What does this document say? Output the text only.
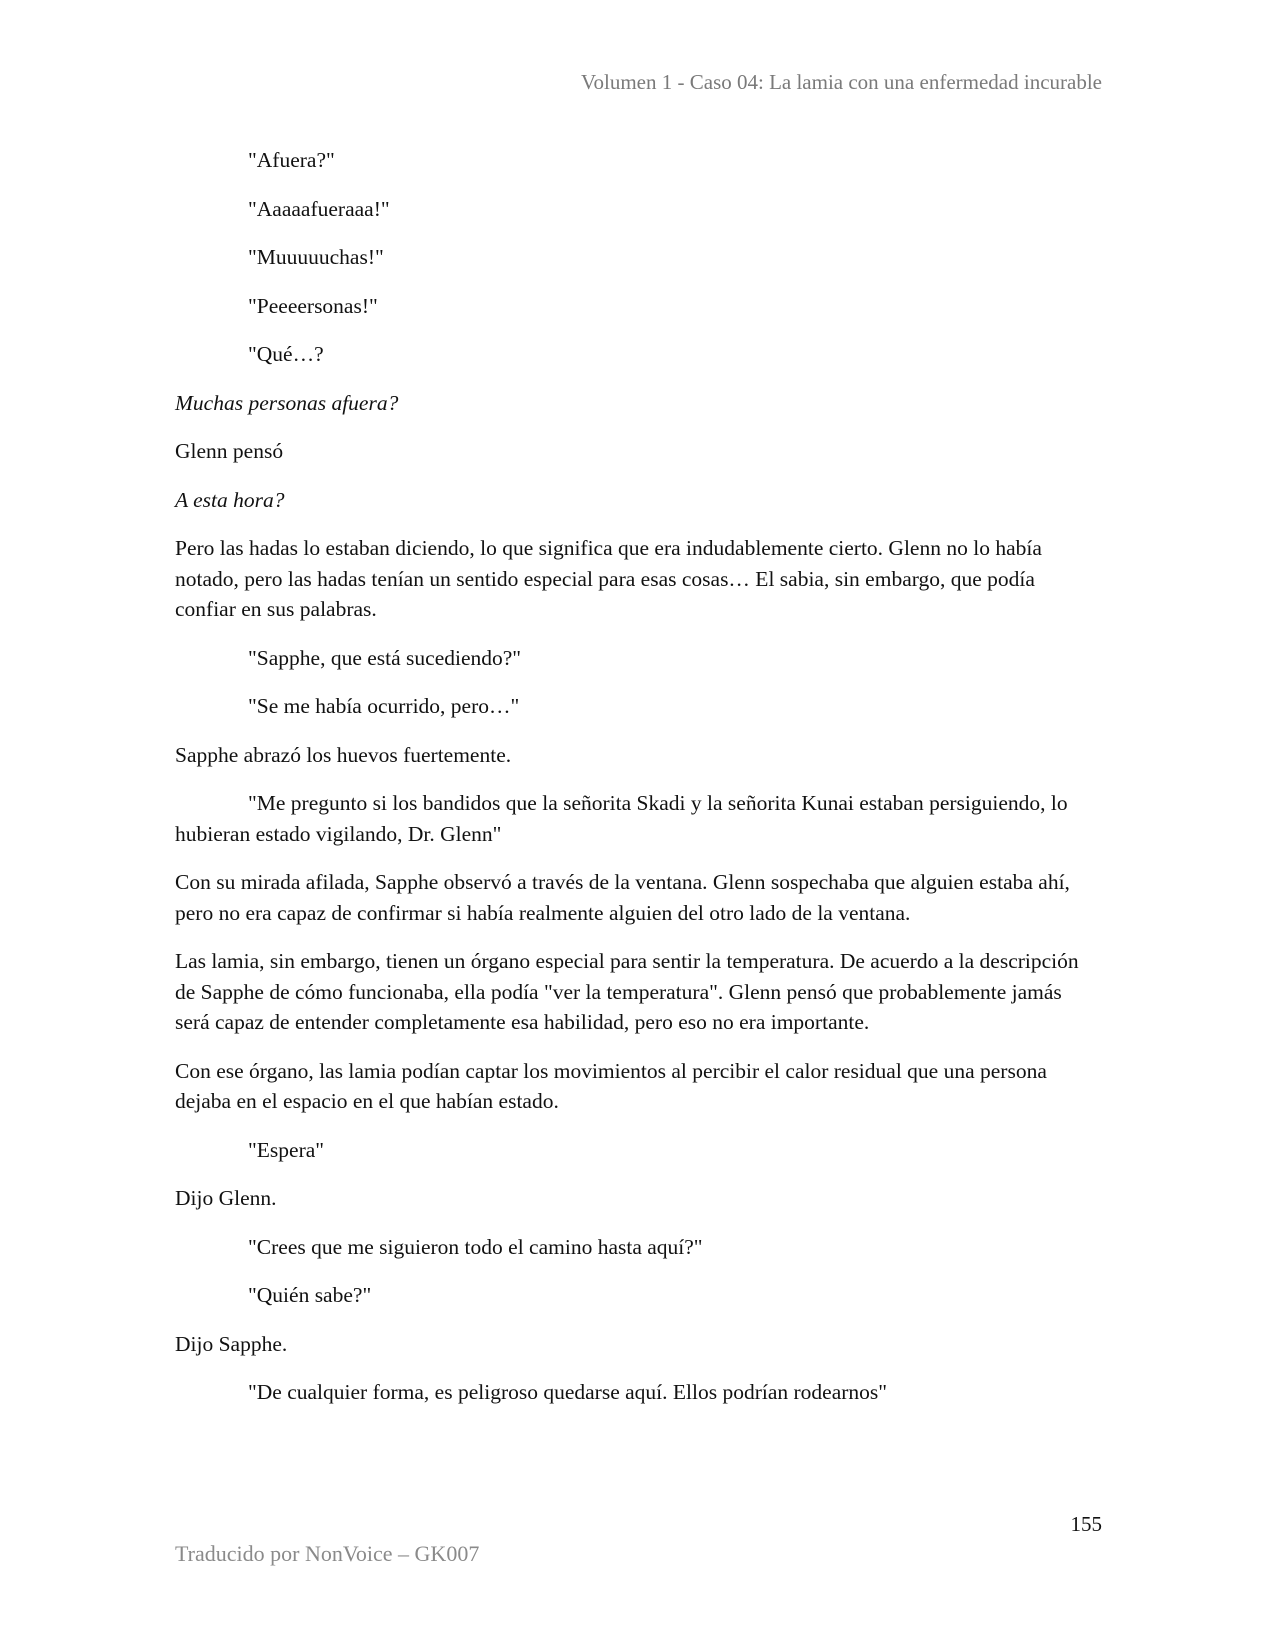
Volumen 1 - Caso 04: La lamia con una enfermedad incurable

"Afuera?"

"Aaaaafueraaa!"

"Muuuuuchas!"

"Peeeersonas!"

"Qué…?

Muchas personas afuera?

Glenn pensó

A esta hora?

Pero las hadas lo estaban diciendo, lo que significa que era indudablemente cierto. Glenn no lo había notado, pero las hadas tenían un sentido especial para esas cosas… El sabia, sin embargo, que podía confiar en sus palabras.

"Sapphe, que está sucediendo?"

"Se me había ocurrido, pero…"

Sapphe abrazó los huevos fuertemente.

"Me pregunto si los bandidos que la señorita Skadi y la señorita Kunai estaban persiguiendo, lo hubieran estado vigilando, Dr. Glenn"

Con su mirada afilada, Sapphe observó a través de la ventana. Glenn sospechaba que alguien estaba ahí, pero no era capaz de confirmar si había realmente alguien del otro lado de la ventana.

Las lamia, sin embargo, tienen un órgano especial para sentir la temperatura. De acuerdo a la descripción de Sapphe de cómo funcionaba, ella podía "ver la temperatura". Glenn pensó que probablemente jamás será capaz de entender completamente esa habilidad, pero eso no era importante.

Con ese órgano, las lamia podían captar los movimientos al percibir el calor residual que una persona dejaba en el espacio en el que habían estado.

"Espera"

Dijo Glenn.

"Crees que me siguieron todo el camino hasta aquí?"

"Quién sabe?"

Dijo Sapphe.

"De cualquier forma, es peligroso quedarse aquí. Ellos podrían rodearnos"

155
Traducido por NonVoice – GK007
